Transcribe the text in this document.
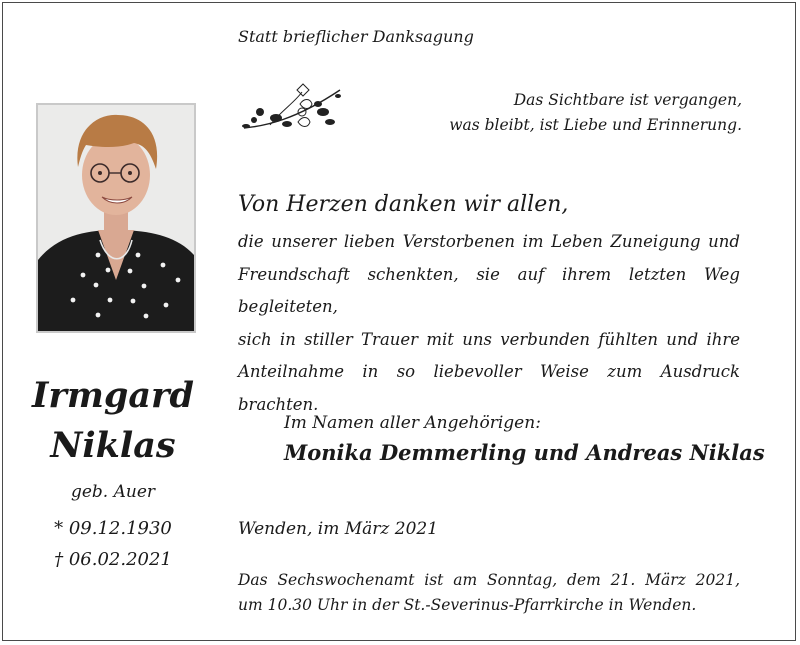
Statt brieflicher Danksagung
Das Sichtbare ist vergangen,
was bleibt, ist Liebe und Erinnerung.
Irmgard
Niklas
geb. Auer
* 09.12.1930
† 06.02.2021
Von Herzen danken wir allen,
die unserer lieben Verstorbenen im Leben Zuneigung und
Freundschaft schenkten, sie auf ihrem letzten Weg begleiteten,
sich in stiller Trauer mit uns verbunden fühlten und ihre
Anteilnahme in so liebevoller Weise zum Ausdruck brachten.
Im Namen aller Angehörigen:
Monika Demmerling und Andreas Niklas
Wenden, im März 2021
Das Sechswochenamt ist am Sonntag, dem 21. März 2021,
um 10.30 Uhr in der St.-Severinus-Pfarrkirche in Wenden.
